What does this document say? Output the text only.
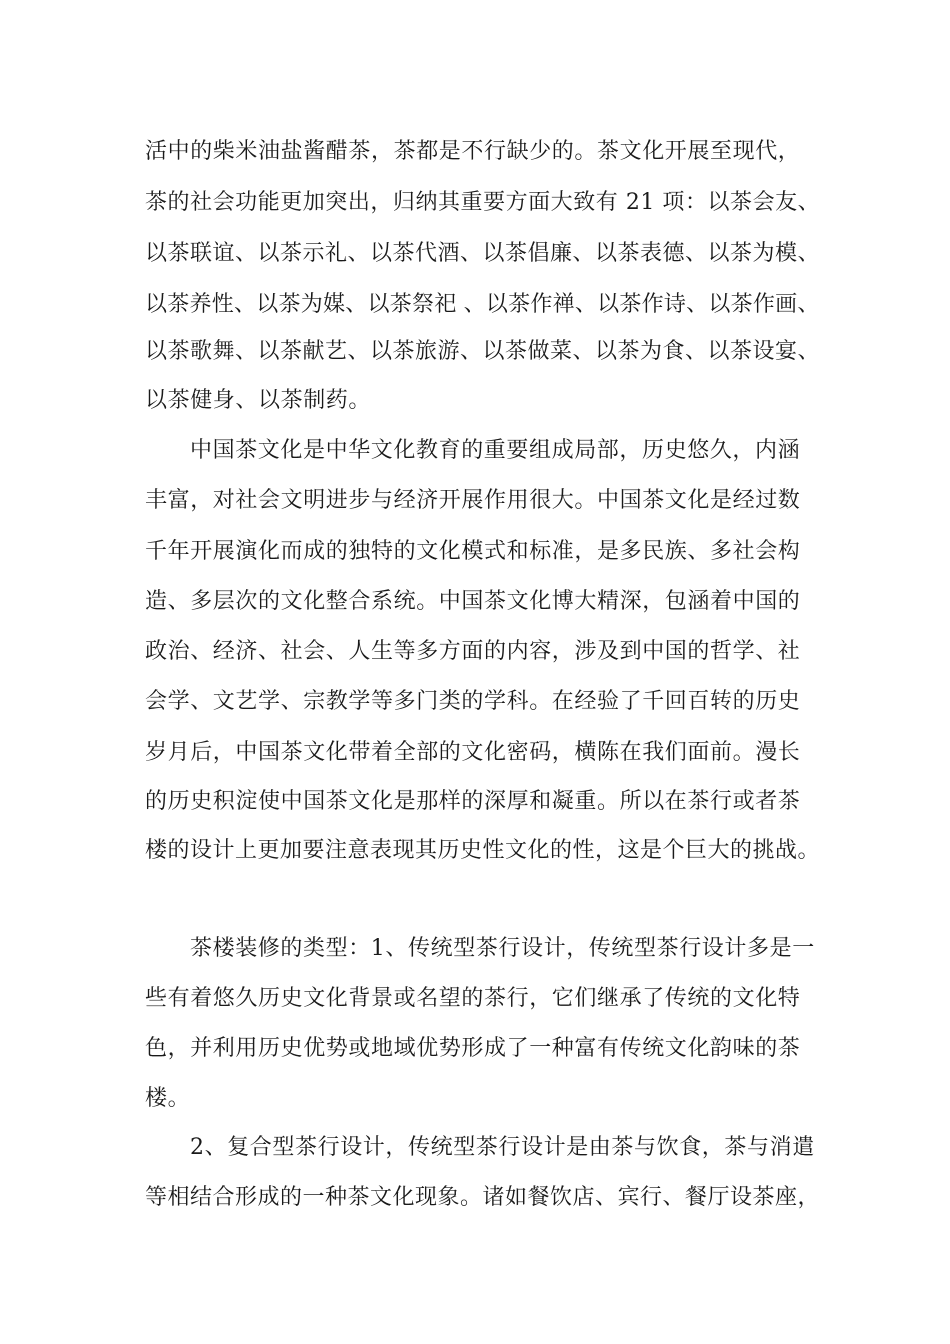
活中的柴米油盐酱醋茶，茶都是不行缺少的。茶文化开展至现代，
茶的社会功能更加突出，归纳其重要方面大致有 21 项：以茶会友、
以茶联谊、以茶示礼、以茶代酒、以茶倡廉、以茶表德、以茶为模、
以茶养性、以茶为媒、以茶祭祀 、以茶作禅、以茶作诗、以茶作画、
以茶歌舞、以茶献艺、以茶旅游、以茶做菜、以茶为食、以茶设宴、
以茶健身、以茶制药。
中国茶文化是中华文化教育的重要组成局部，历史悠久，内涵
丰富，对社会文明进步与经济开展作用很大。中国茶文化是经过数
千年开展演化而成的独特的文化模式和标准，是多民族、多社会构
造、多层次的文化整合系统。中国茶文化博大精深，包涵着中国的
政治、经济、社会、人生等多方面的内容，涉及到中国的哲学、社
会学、文艺学、宗教学等多门类的学科。在经验了千回百转的历史
岁月后，中国茶文化带着全部的文化密码，横陈在我们面前。漫长
的历史积淀使中国茶文化是那样的深厚和凝重。所以在茶行或者茶
楼的设计上更加要注意表现其历史性文化的性，这是个巨大的挑战。
茶楼装修的类型：1、传统型茶行设计，传统型茶行设计多是一
些有着悠久历史文化背景或名望的茶行，它们继承了传统的文化特
色，并利用历史优势或地域优势形成了一种富有传统文化韵味的茶
楼。
2、复合型茶行设计，传统型茶行设计是由茶与饮食，茶与消遣
等相结合形成的一种茶文化现象。诸如餐饮店、宾行、餐厅设茶座，
